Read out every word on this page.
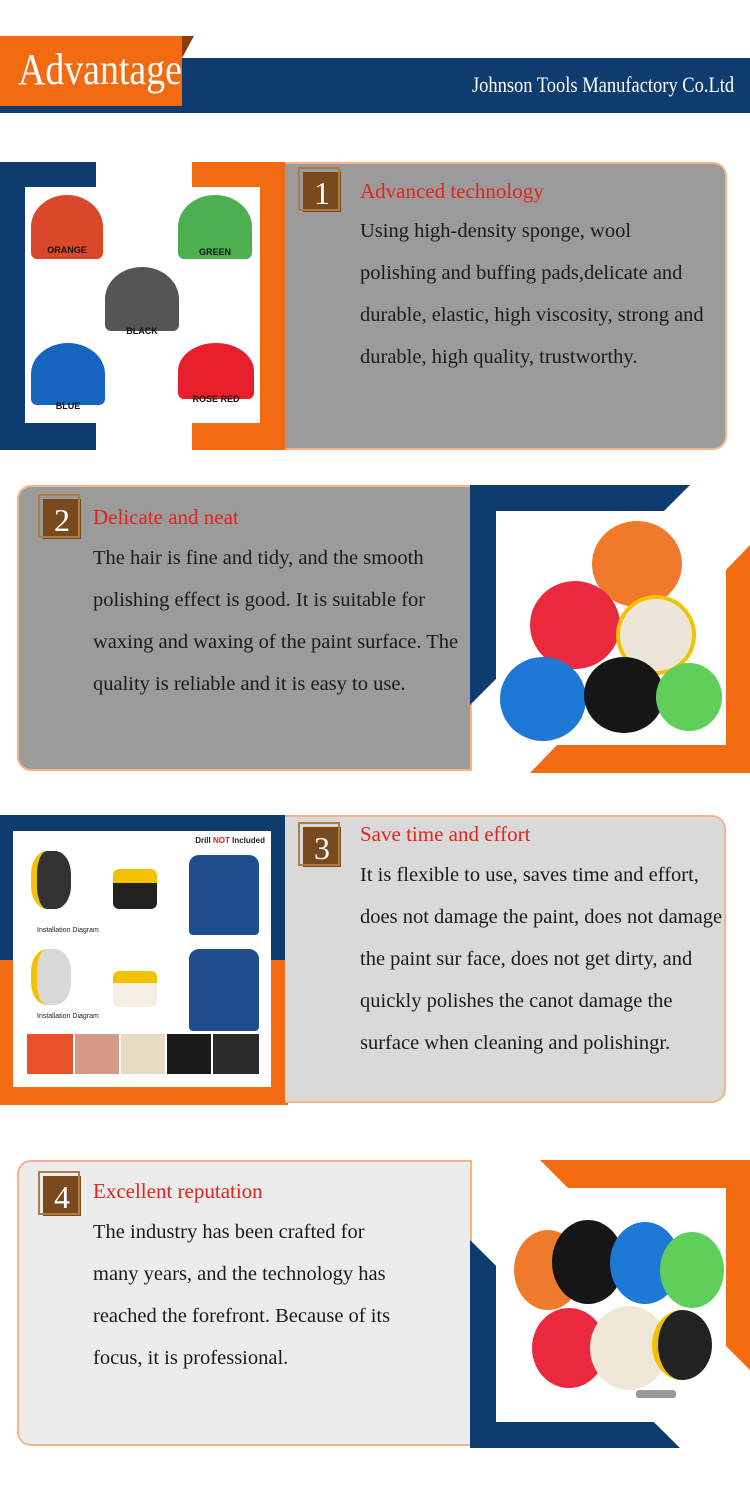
Advantage	Johnson Tools Manufactory Co.Ltd
ORANGE	GREEN
BLACK
BLUE
ROSE RED
1	Advanced technology
Using high-density sponge, wool polishing and buffing pads,delicate and durable, elastic, high viscosity, strong and durable, high quality, trustworthy.
2	Delicate and neat
The hair is fine and tidy, and the smooth polishing effect is good. It is suitable for waxing and waxing of the paint surface. The quality is reliable and it is easy to use.
Drill NOT Included
Installation Diagram
Installation Diagram
3	Save time and effort
It is flexible to use, saves time and effort, does not damage the paint, does not damage the paint sur face, does not get dirty, and quickly polishes the canot damage the surface when cleaning and polishingr.
4	Excellent reputation
The industry has been crafted for many years, and the technology has reached the forefront. Because of its focus, it is professional.
